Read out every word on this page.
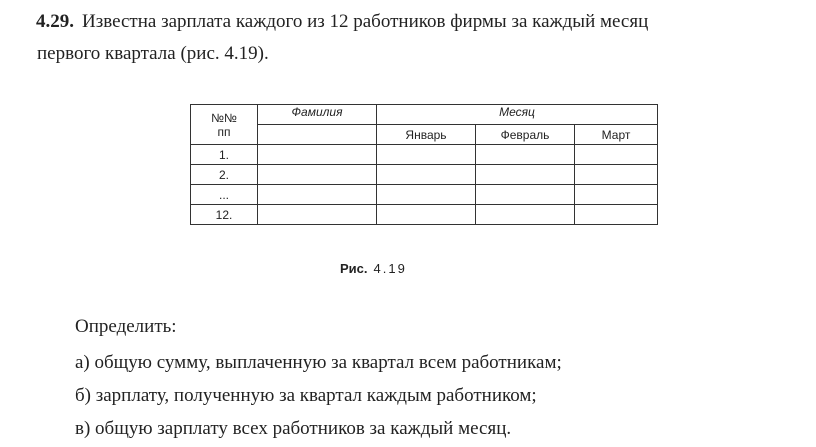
4.29. Известна зарплата каждого из 12 работников фирмы за каждый месяц
первого квартала (рис. 4.19).
№№
пп	Фамилия	Месяц		
		Январь	Февраль	Март
1.				
2.				
...				
12.				
Рис. 4.19
Определить:
а) общую сумму, выплаченную за квартал всем работникам;
б) зарплату, полученную за квартал каждым работником;
в) общую зарплату всех работников за каждый месяц.
